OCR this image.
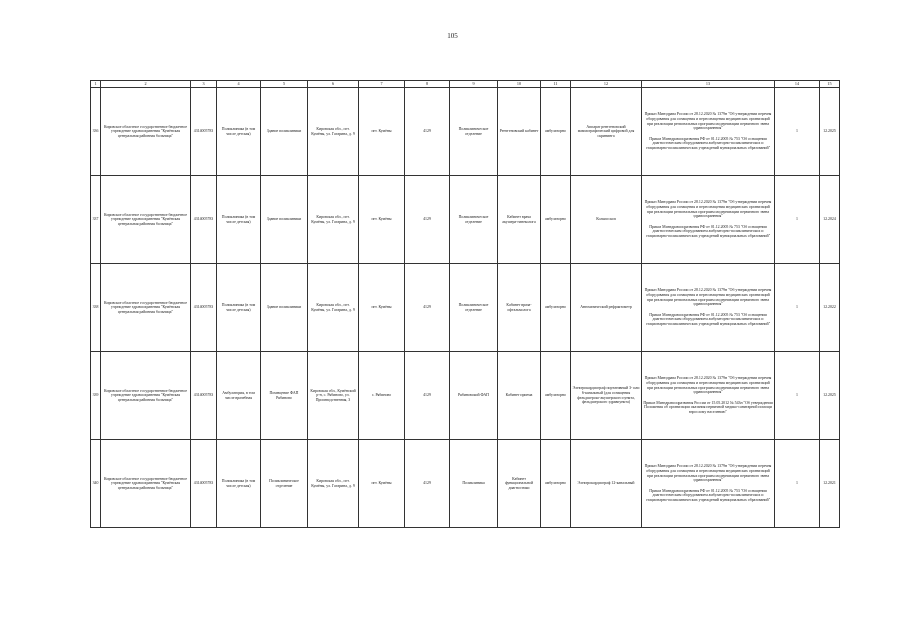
105
1	2	3	4	5	6	7	8	9	10	11	12	13	14	15
336	Кировское областное государственное бюджетное учреждение здравоохранения "Кумёнская центральная районная больница"	4314005783	Поликлиника (в том числе детская)	Здание поликлиники	Кировская обл., пгт. Кумёны, ул. Гагарина, д. 9	пгт. Кумёны	4129	Поликлиническое отделение	Рентгеновский кабинет	амбулаторно	Аппарат рентгеновский маммографический цифровой для скрининга	Приказ Минздрава России от 28.12.2020 № 1379н "Об утверждении перечня оборудования для оснащения и переоснащения медицинских организаций при реализации региональных программ модернизации первичного звена здравоохранения"
Приказ Минздравсоцразвития РФ от 01.12.2005 № 753 "Об оснащении диагностическим оборудованием амбулаторно-поликлинических и стационарно-поликлинических учреждений муниципальных образований"	1	12.2025
337	Кировское областное государственное бюджетное учреждение здравоохранения "Кумёнская центральная районная больница"	4314005783	Поликлиника (в том числе детская)	Здание поликлиники	Кировская обл., пгт. Кумёны, ул. Гагарина, д. 9	пгт. Кумёны	4129	Поликлиническое отделение	Кабинет врача акушера-гинеколога	амбулаторно	Кольпоскоп	Приказ Минздрава России от 28.12.2020 № 1379н "Об утверждении перечня оборудования для оснащения и переоснащения медицинских организаций при реализации региональных программ модернизации первичного звена здравоохранения"
Приказ Минздравсоцразвития РФ от 01.12.2005 № 753 "Об оснащении диагностическим оборудованием амбулаторно-поликлинических и стационарно-поликлинических учреждений муниципальных образований"	1	12.2024
338	Кировское областное государственное бюджетное учреждение здравоохранения "Кумёнская центральная районная больница"	4314005783	Поликлиника (в том числе детская)	Здание поликлиники	Кировская обл., пгт. Кумёны, ул. Гагарина, д. 9	пгт. Кумёны	4129	Поликлиническое отделение	Кабинет врача-офтальмолога	амбулаторно	Автоматический рефрактометр	Приказ Минздрава России от 28.12.2020 № 1379н "Об утверждении перечня оборудования для оснащения и переоснащения медицинских организаций при реализации региональных программ модернизации первичного звена здравоохранения"
Приказ Минздравсоцразвития РФ от 01.12.2005 № 753 "Об оснащении диагностическим оборудованием амбулаторно-поликлинических и стационарно-поликлинических учреждений муниципальных образований"	1	12.2022
339	Кировское областное государственное бюджетное учреждение здравоохранения "Кумёнская центральная районная больница"	4314005783	Амбулатория, в том числе врачебная	Помещение ФАП Рябиново	Кировская обл., Кумёнский р-н, с. Рябиново, ул. Производственная, 3	с. Рябиново	4129	Рябиновский ФАП	Кабинет приема	амбулаторно	Электрокардиограф портативный 3- или 6-канальный (для оснащения фельдшерско-акушерского пункта, фельдшерского здравпункта)	Приказ Минздрава России от 28.12.2020 № 1379н "Об утверждении перечня оборудования для оснащения и переоснащения медицинских организаций при реализации региональных программ модернизации первичного звена здравоохранения"
Приказ Минздравсоцразвития России от 15.05.2012 № 543н "Об утверждении Положения об организации оказания первичной медико-санитарной помощи взрослому населению"	1	12.2025
340	Кировское областное государственное бюджетное учреждение здравоохранения "Кумёнская центральная районная больница"	4314005783	Поликлиника (в том числе детская)	Поликлиническое отделение	Кировская обл., пгт. Кумёны, ул. Гагарина, д. 9	пгт. Кумёны	4129	Поликлиника	Кабинет функциональной диагностики	амбулаторно	Электрокардиограф 12-канальный	Приказ Минздрава России от 28.12.2020 № 1379н "Об утверждении перечня оборудования для оснащения и переоснащения медицинских организаций при реализации региональных программ модернизации первичного звена здравоохранения"
Приказ Минздравсоцразвития РФ от 01.12.2005 № 753 "Об оснащении диагностическим оборудованием амбулаторно-поликлинических и стационарно-поликлинических учреждений муниципальных образований"	1	12.2021
